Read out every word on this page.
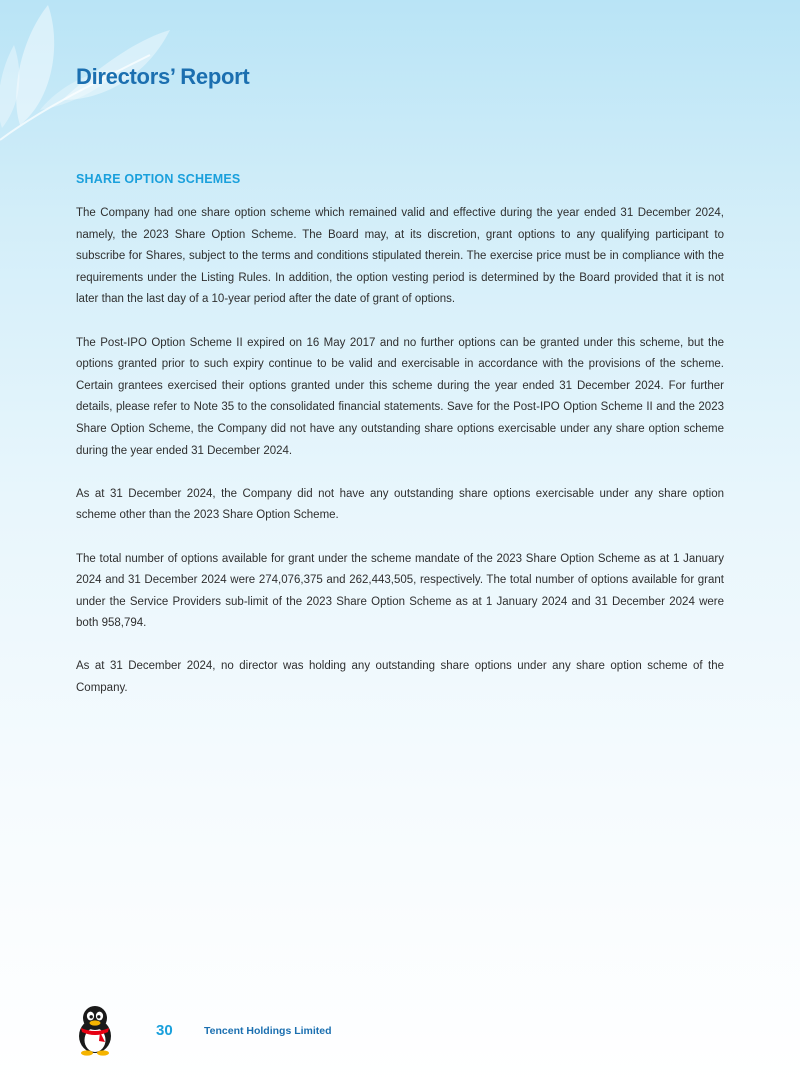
Directors’ Report
SHARE OPTION SCHEMES

The Company had one share option scheme which remained valid and effective during the year ended 31 December 2024, namely, the 2023 Share Option Scheme. The Board may, at its discretion, grant options to any qualifying participant to subscribe for Shares, subject to the terms and conditions stipulated therein. The exercise price must be in compliance with the requirements under the Listing Rules. In addition, the option vesting period is determined by the Board provided that it is not later than the last day of a 10-year period after the date of grant of options.

The Post-IPO Option Scheme II expired on 16 May 2017 and no further options can be granted under this scheme, but the options granted prior to such expiry continue to be valid and exercisable in accordance with the provisions of the scheme. Certain grantees exercised their options granted under this scheme during the year ended 31 December 2024. For further details, please refer to Note 35 to the consolidated financial statements. Save for the Post-IPO Option Scheme II and the 2023 Share Option Scheme, the Company did not have any outstanding share options exercisable under any share option scheme during the year ended 31 December 2024.

As at 31 December 2024, the Company did not have any outstanding share options exercisable under any share option scheme other than the 2023 Share Option Scheme.

The total number of options available for grant under the scheme mandate of the 2023 Share Option Scheme as at 1 January 2024 and 31 December 2024 were 274,076,375 and 262,443,505, respectively. The total number of options available for grant under the Service Providers sub-limit of the 2023 Share Option Scheme as at 1 January 2024 and 31 December 2024 were both 958,794.

As at 31 December 2024, no director was holding any outstanding share options under any share option scheme of the Company.

30	Tencent Holdings Limited
